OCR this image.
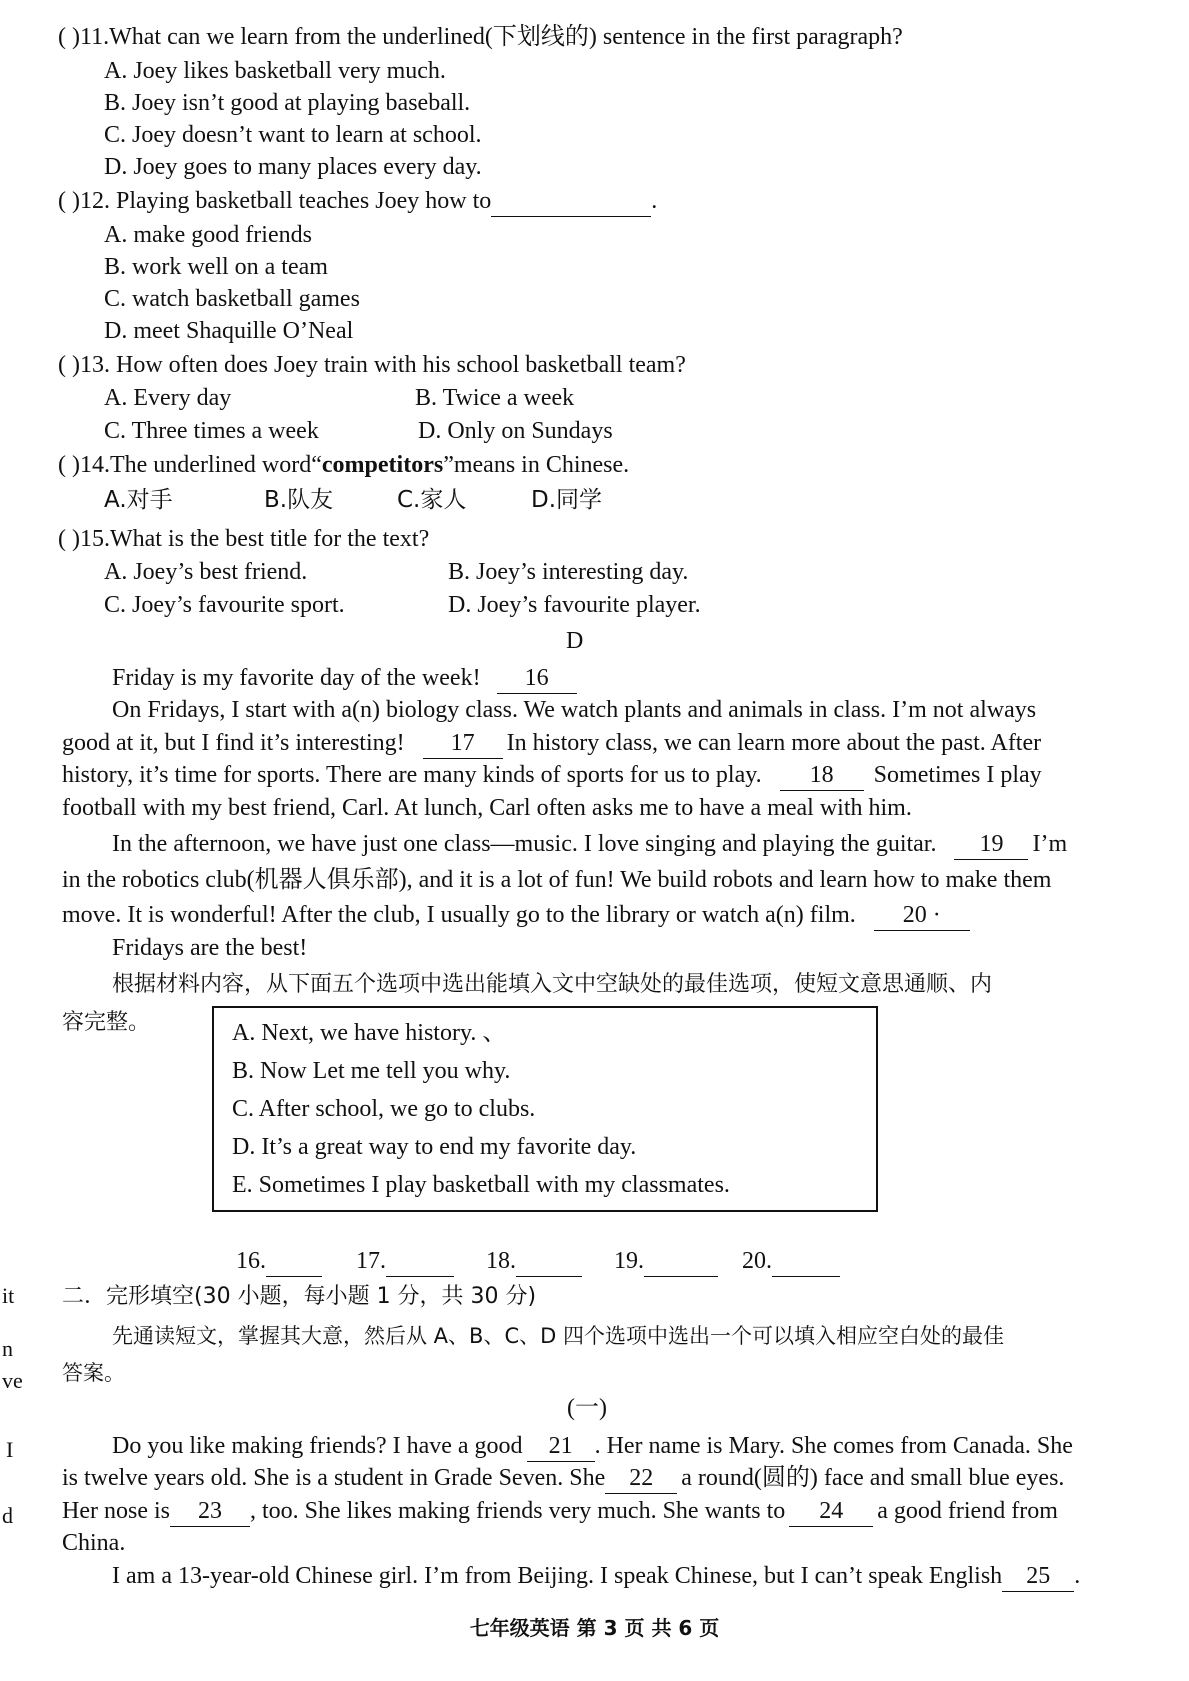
( )11.What can we learn from the underlined(下划线的) sentence in the first paragraph?
A. Joey likes basketball very much.
B. Joey isn’t good at playing baseball.
C. Joey doesn’t want to learn at school.
D. Joey goes to many places every day.
( )12. Playing basketball teaches Joey how to	.
A. make good friends
B. work well on a team
C. watch basketball games
D. meet Shaquille O’Neal
( )13. How often does Joey train with his school basketball team?
A. Every day	B. Twice a week
C. Three times a week	D. Only on Sundays
( )14.The underlined word“competitors”means in Chinese.
A.对手	B.队友	C.家人	D.同学
( )15.What is the best title for the text?
A. Joey’s best friend.	B. Joey’s interesting day.
C. Joey’s favourite sport.	D. Joey’s favourite player.
D
Friday is my favorite day of the week! 16
On Fridays, I start with a(n) biology class. We watch plants and animals in class. I’m not always
good at it, but I find it’s interesting! 17 In history class, we can learn more about the past. After
history, it’s time for sports. There are many kinds of sports for us to play. 18 Sometimes I play
football with my best friend, Carl. At lunch, Carl often asks me to have a meal with him.
In the afternoon, we have just one class—music. I love singing and playing the guitar. 19 I’m
in the robotics club(机器人俱乐部), and it is a lot of fun! We build robots and learn how to make them
move. It is wonderful! After the club, I usually go to the library or watch a(n) film. 20 ·
Fridays are the best!
根据材料内容，从下面五个选项中选出能填入文中空缺处的最佳选项，使短文意思通顺、内
容完整。	A. Next, we have history. 、
B. Now Let me tell you why.
C. After school, we go to clubs.
D. It’s a great way to end my favorite day.
E. Sometimes I play basketball with my classmates.
16.	17.	18.	19.	20.
二．完形填空(30 小题，每小题 1 分，共 30 分)
先通读短文，掌握其大意，然后从 A、B、C、D 四个选项中选出一个可以填入相应空白处的最佳
答案。
(一)
Do you like making friends? I have a good 21 . Her name is Mary. She comes from Canada. She
is twelve years old. She is a student in Grade Seven. She 22 a round(圆的) face and small blue eyes.
Her nose is 23 , too. She likes making friends very much. She wants to 24 a good friend from
China.
I am a 13-year-old Chinese girl. I’m from Beijing. I speak Chinese, but I can’t speak English 25 .
it
n
ve
I
d
七年级英语 第 3 页 共 6 页
